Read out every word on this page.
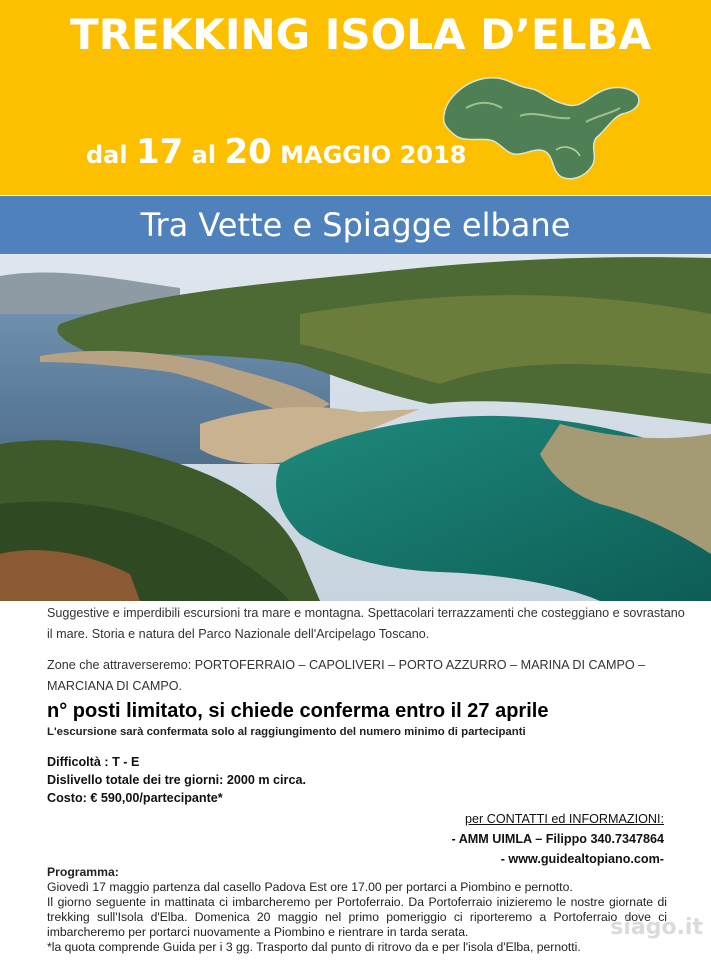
TREKKING ISOLA D’ELBA
dal 17 al 20 MAGGIO 2018
Tra Vette e Spiagge elbane
Suggestive e imperdibili escursioni tra mare e montagna. Spettacolari terrazzamenti che costeggiano e sovrastano il mare. Storia e natura del Parco Nazionale dell'Arcipelago Toscano.
Zone che attraverseremo: PORTOFERRAIO – CAPOLIVERI – PORTO AZZURRO – MARINA DI CAMPO – MARCIANA DI CAMPO.
n° posti limitato, si chiede conferma entro il 27 aprile
L'escursione sarà confermata solo al raggiungimento del numero minimo di partecipanti
Difficoltà : T - E
Dislivello totale dei tre giorni: 2000 m circa.
Costo: € 590,00/partecipante*
per CONTATTI ed INFORMAZIONI:
- AMM UIMLA – Filippo 340.7347864
- www.guidealtopiano.com-
Programma:
Giovedì 17 maggio partenza dal casello Padova Est ore 17.00 per portarci a Piombino e pernotto.
Il giorno seguente in mattinata ci imbarcheremo per Portoferraio. Da Portoferraio inizieremo le nostre giornate di trekking sull'Isola d'Elba. Domenica 20 maggio nel primo pomeriggio ci riporteremo a Portoferraio dove ci imbarcheremo per portarci nuovamente a Piombino e rientrare in tarda serata.
*la quota comprende Guida per i 3 gg. Trasporto dal punto di ritrovo da e per l'isola d'Elba, pernotti.
siago.it
